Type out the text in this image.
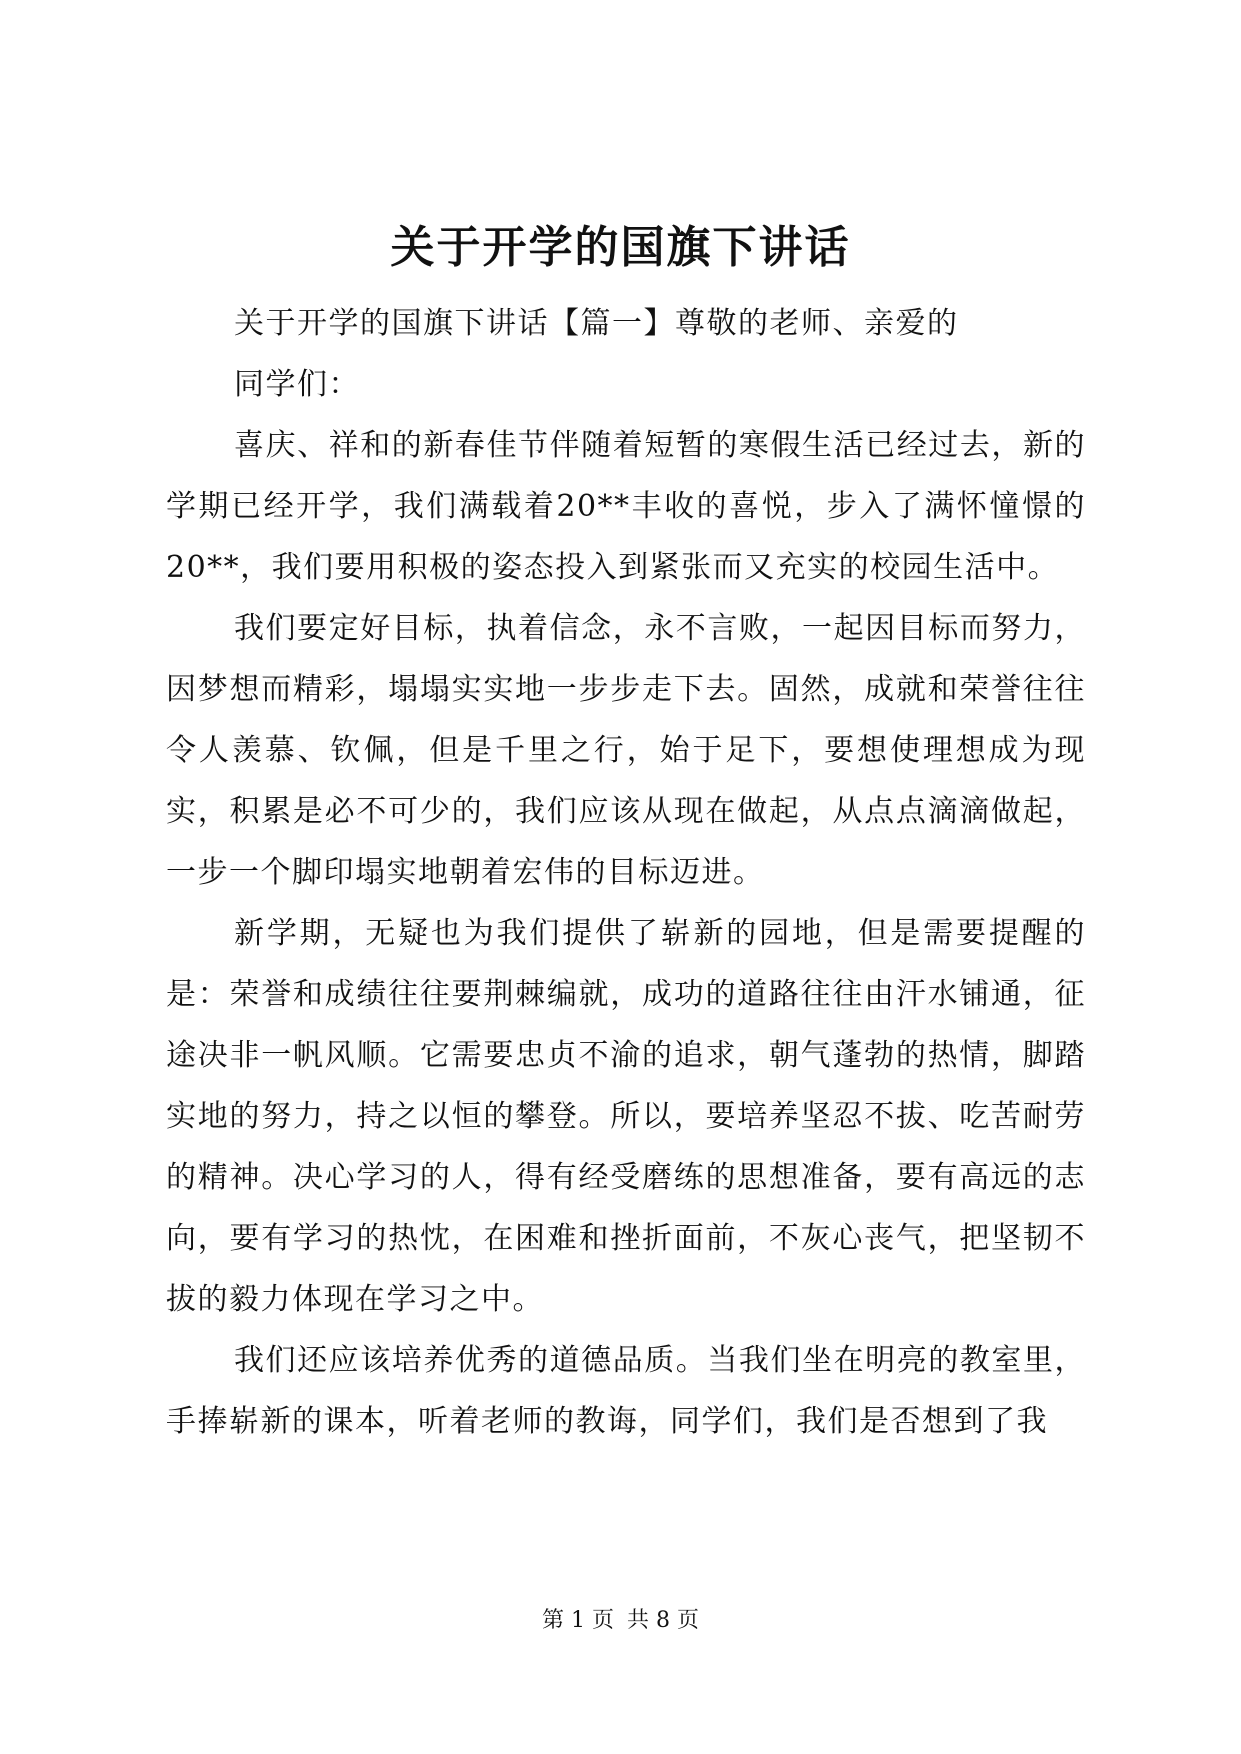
关于开学的国旗下讲话

关于开学的国旗下讲话【篇一】尊敬的老师、亲爱的

同学们：

喜庆、祥和的新春佳节伴随着短暂的寒假生活已经过去，新的学期已经开学，我们满载着20**丰收的喜悦，步入了满怀憧憬的20**，我们要用积极的姿态投入到紧张而又充实的校园生活中。

我们要定好目标，执着信念，永不言败，一起因目标而努力，因梦想而精彩，塌塌实实地一步步走下去。固然，成就和荣誉往往令人羡慕、钦佩，但是千里之行，始于足下，要想使理想成为现实，积累是必不可少的，我们应该从现在做起，从点点滴滴做起，一步一个脚印塌实地朝着宏伟的目标迈进。

新学期，无疑也为我们提供了崭新的园地，但是需要提醒的是：荣誉和成绩往往要荆棘编就，成功的道路往往由汗水铺通，征途决非一帆风顺。它需要忠贞不渝的追求，朝气蓬勃的热情，脚踏实地的努力，持之以恒的攀登。所以，要培养坚忍不拔、吃苦耐劳的精神。决心学习的人，得有经受磨练的思想准备，要有高远的志向，要有学习的热忱，在困难和挫折面前，不灰心丧气，把坚韧不拔的毅力体现在学习之中。

我们还应该培养优秀的道德品质。当我们坐在明亮的教室里，手捧崭新的课本，听着老师的教诲，同学们，我们是否想到了我

第 1 页 共 8 页
